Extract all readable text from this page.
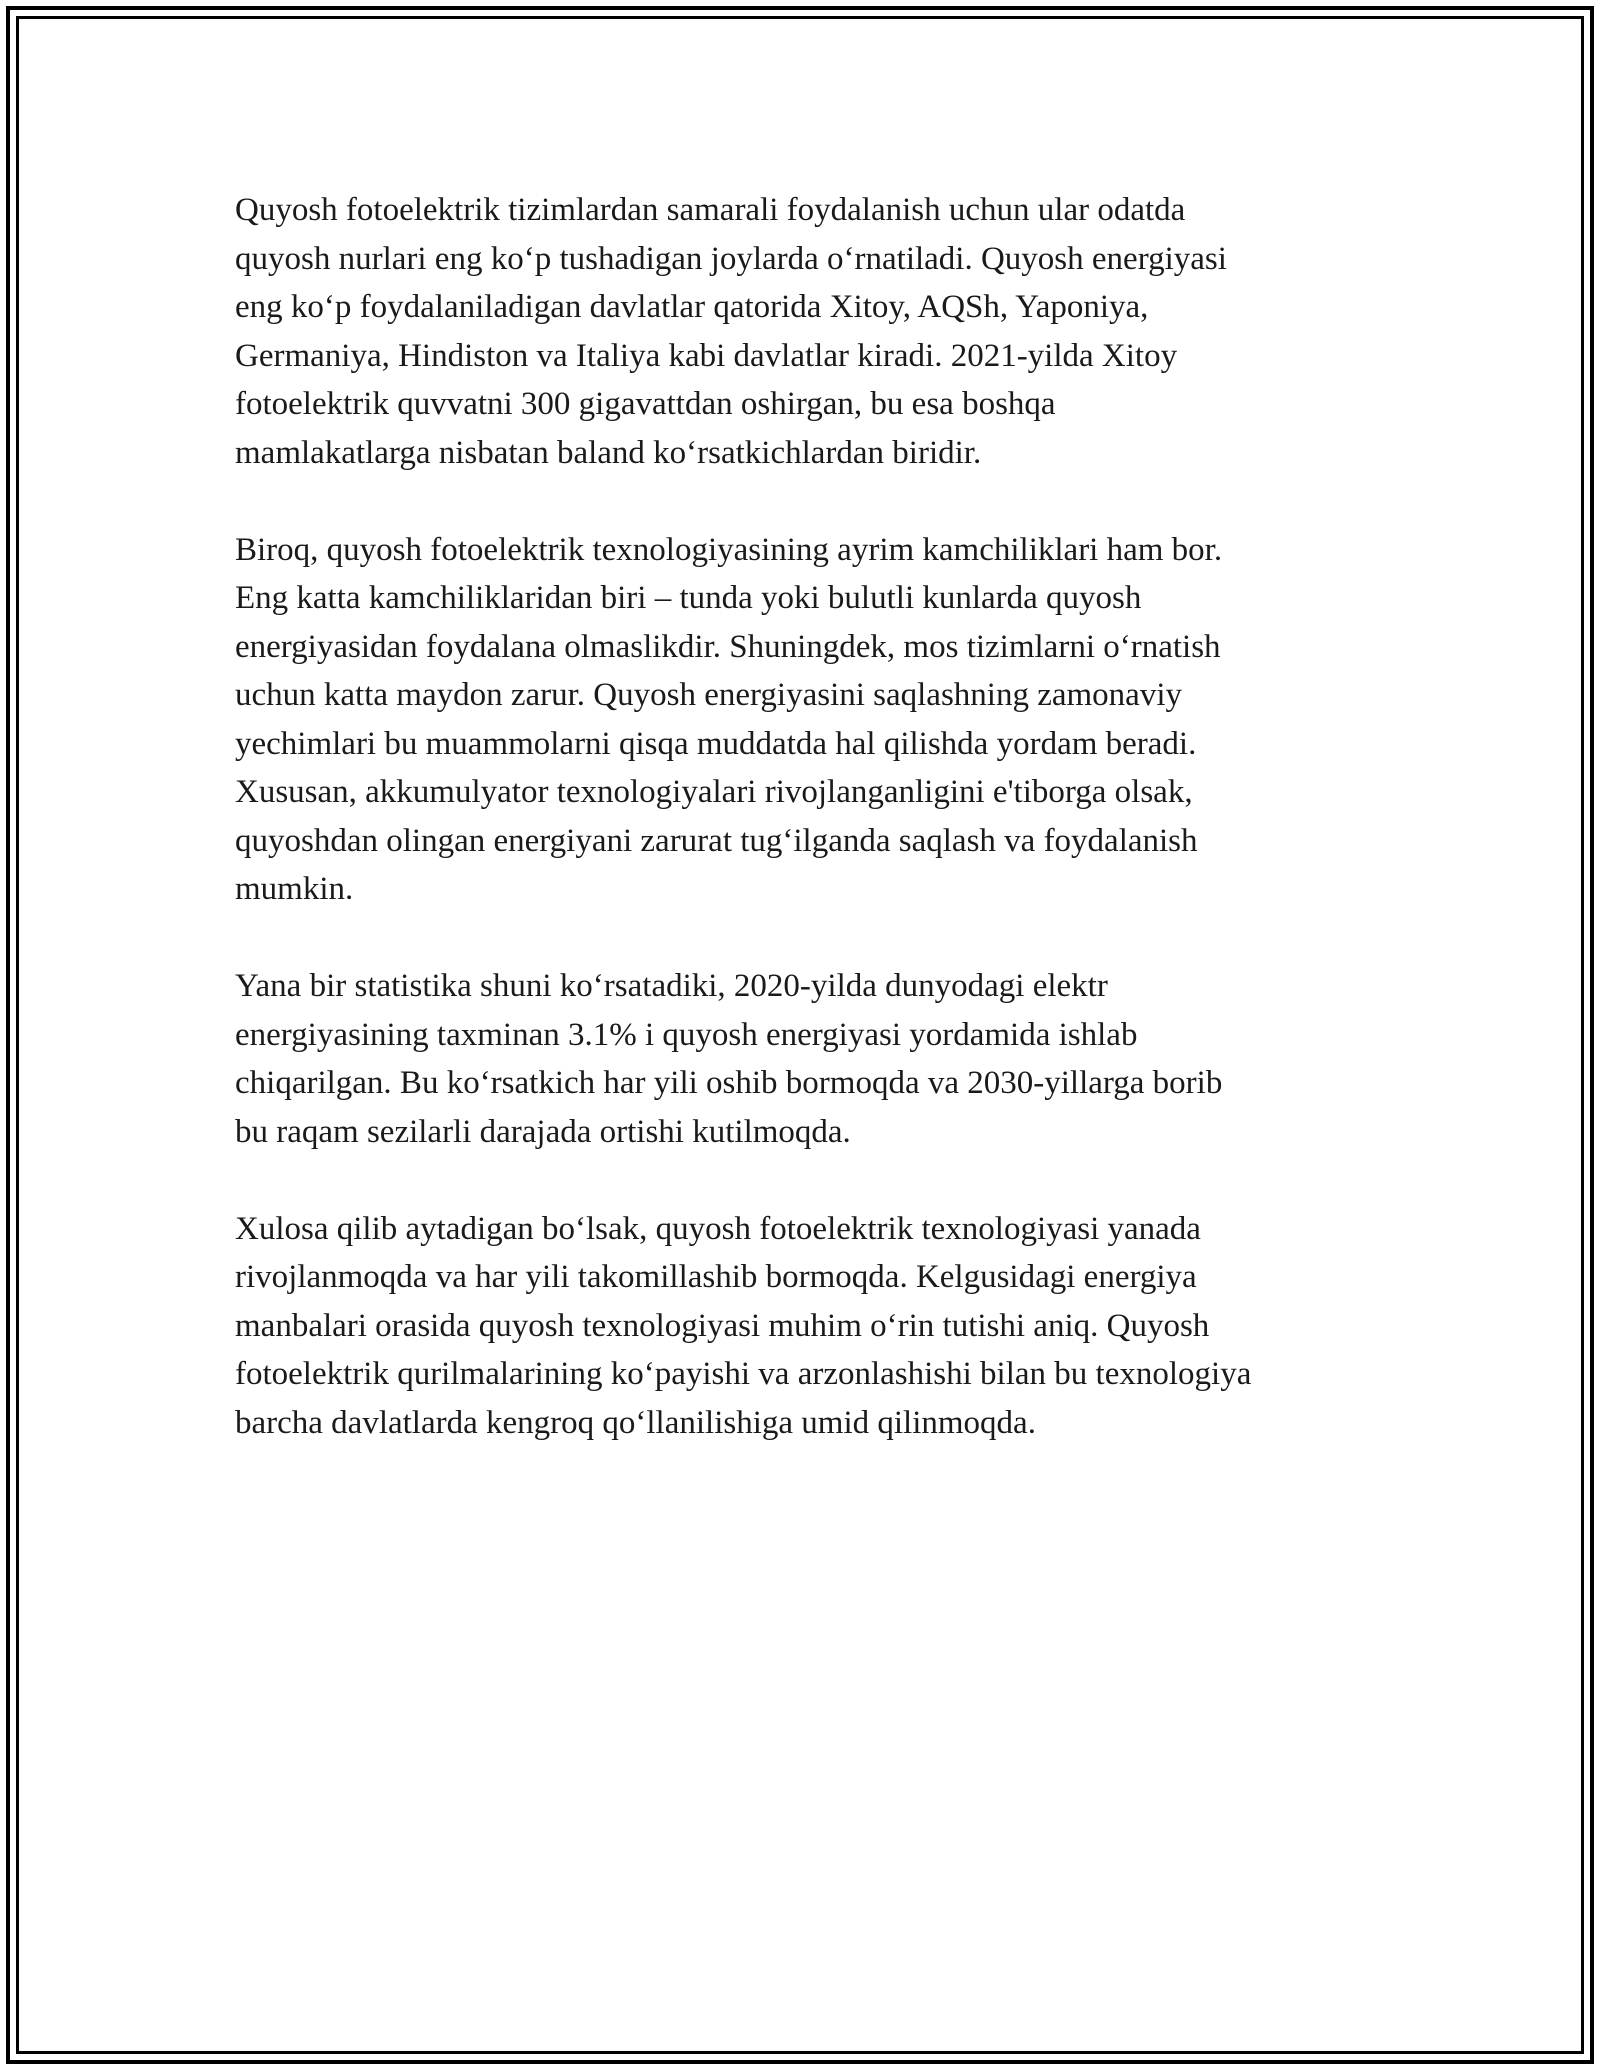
Quyosh fotoelektrik tizimlardan samarali foydalanish uchun ular odatda
quyosh nurlari eng ko‘p tushadigan joylarda o‘rnatiladi. Quyosh energiyasi
eng ko‘p foydalaniladigan davlatlar qatorida Xitoy, AQSh, Yaponiya,
Germaniya, Hindiston va Italiya kabi davlatlar kiradi. 2021-yilda Xitoy
fotoelektrik quvvatni 300 gigavattdan oshirgan, bu esa boshqa
mamlakatlarga nisbatan baland ko‘rsatkichlardan biridir.

Biroq, quyosh fotoelektrik texnologiyasining ayrim kamchiliklari ham bor.
Eng katta kamchiliklaridan biri – tunda yoki bulutli kunlarda quyosh
energiyasidan foydalana olmaslikdir. Shuningdek, mos tizimlarni o‘rnatish
uchun katta maydon zarur. Quyosh energiyasini saqlashning zamonaviy
yechimlari bu muammolarni qisqa muddatda hal qilishda yordam beradi.
Xususan, akkumulyator texnologiyalari rivojlanganligini e'tiborga olsak,
quyoshdan olingan energiyani zarurat tug‘ilganda saqlash va foydalanish
mumkin.

Yana bir statistika shuni ko‘rsatadiki, 2020-yilda dunyodagi elektr
energiyasining taxminan 3.1% i quyosh energiyasi yordamida ishlab
chiqarilgan. Bu ko‘rsatkich har yili oshib bormoqda va 2030-yillarga borib
bu raqam sezilarli darajada ortishi kutilmoqda.

Xulosa qilib aytadigan bo‘lsak, quyosh fotoelektrik texnologiyasi yanada
rivojlanmoqda va har yili takomillashib bormoqda. Kelgusidagi energiya
manbalari orasida quyosh texnologiyasi muhim o‘rin tutishi aniq. Quyosh
fotoelektrik qurilmalarining ko‘payishi va arzonlashishi bilan bu texnologiya
barcha davlatlarda kengroq qo‘llanilishiga umid qilinmoqda.
